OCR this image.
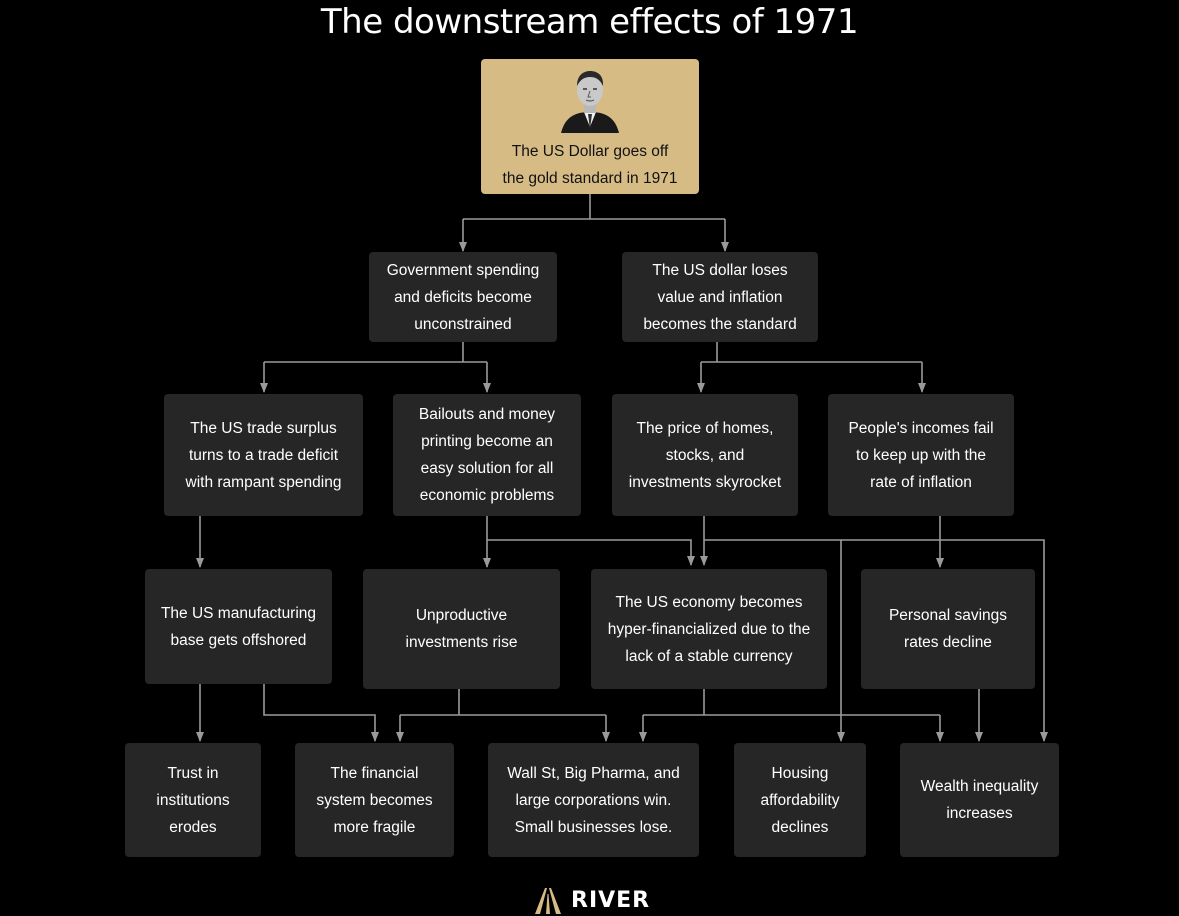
The downstream effects of 1971
The US Dollar goes off
the gold standard in 1971
Government spending
and deficits become
unconstrained
The US dollar loses
value and inflation
becomes the standard
The US trade surplus
turns to a trade deficit
with rampant spending
Bailouts and money
printing become an
easy solution for all
economic problems
The price of homes,
stocks, and
investments skyrocket
People's incomes fail
to keep up with the
rate of inflation
The US manufacturing
base gets offshored
Unproductive
investments rise
The US economy becomes
hyper-financialized due to the
lack of a stable currency
Personal savings
rates decline
Trust in
institutions
erodes
The financial
system becomes
more fragile
Wall St, Big Pharma, and
large corporations win.
Small businesses lose.
Housing
affordability
declines
Wealth inequality
increases
RIVER
